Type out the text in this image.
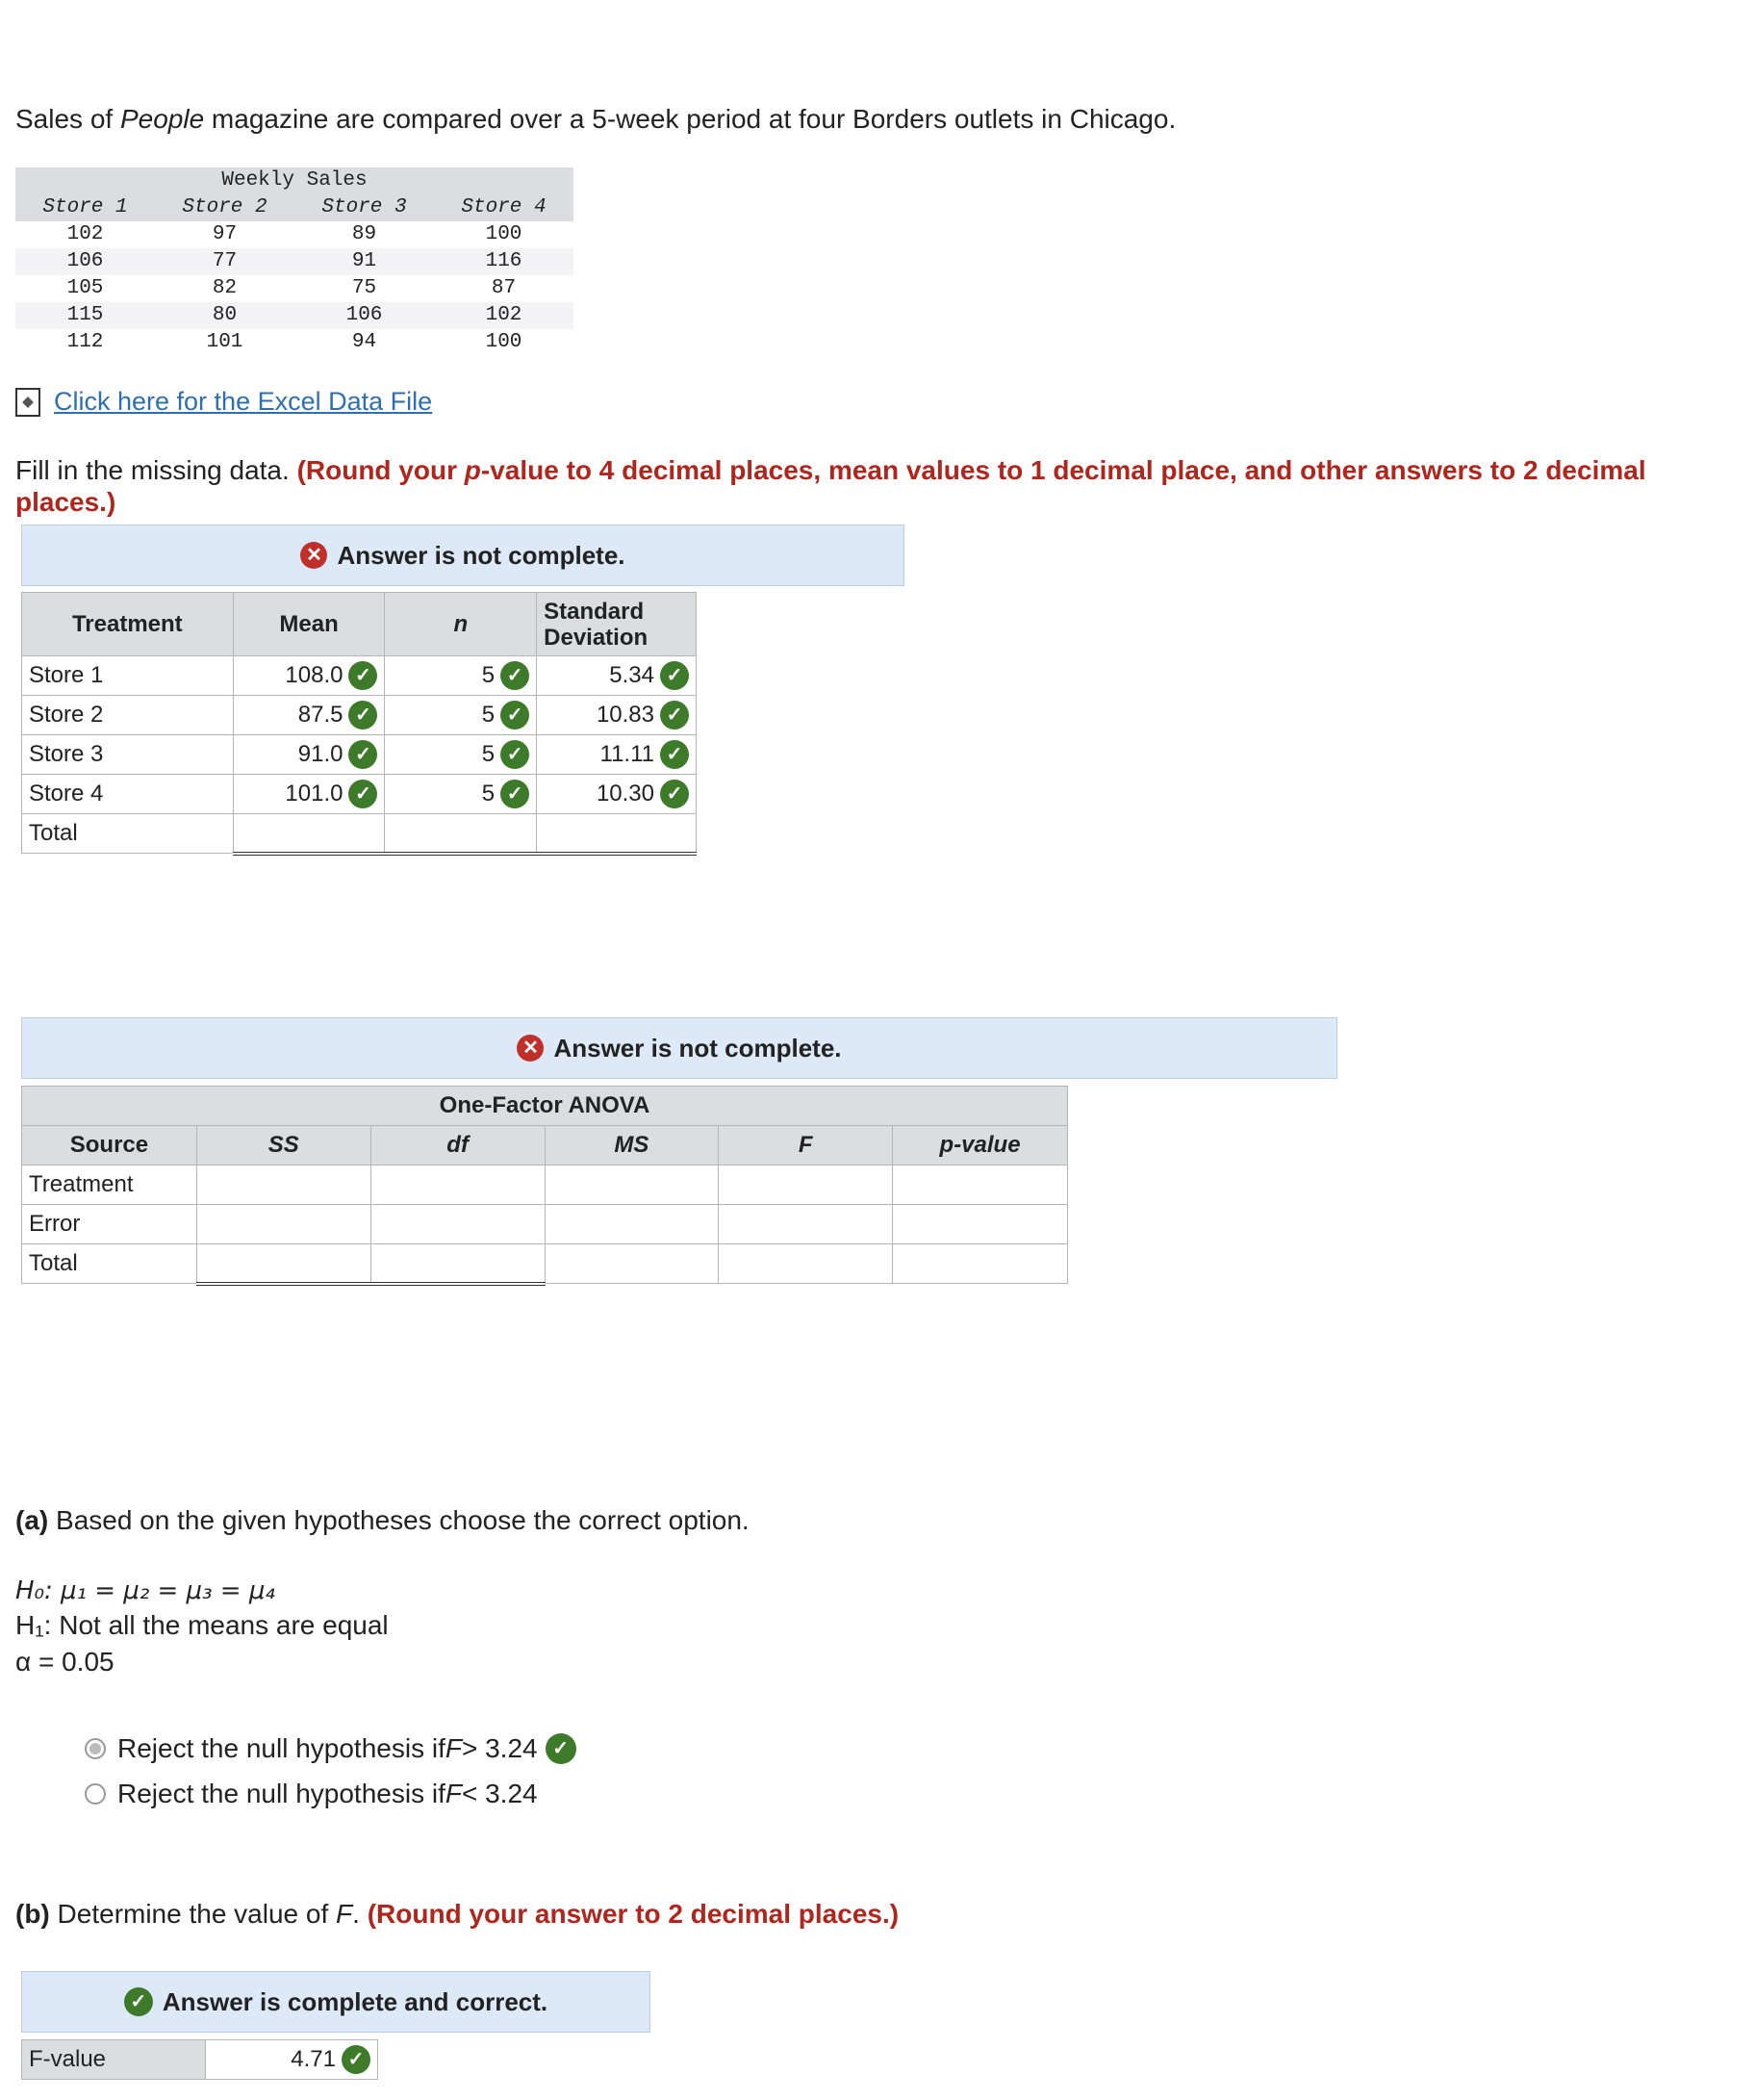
Sales of People magazine are compared over a 5-week period at four Borders outlets in Chicago.
Weekly Sales
Store 1	Store 2	Store 3	Store 4
102	97	89	100
106	77	91	116
105	82	75	87
115	80	106	102
112	101	94	100
Click here for the Excel Data File
Fill in the missing data. (Round your p-value to 4 decimal places, mean values to 1 decimal place, and other answers to 2 decimal places.)
✕ Answer is not complete.
Treatment	Mean	n	Standard
Deviation
Store 1	108.0 ✓	5 ✓	5.34 ✓

Store 2	87.5 ✓	5 ✓	10.83 ✓

Store 3	91.0 ✓	5 ✓	11.11 ✓

Store 4	101.0 ✓	5 ✓	10.30 ✓

Total			
✕ Answer is not complete.
One-Factor ANOVA					
Source	SS	df	MS	F	p-value
Treatment					
Error					
Total					
(a) Based on the given hypotheses choose the correct option.
H₀: μ₁ = μ₂ = μ₃ = μ₄
H₁: Not all the means are equal
α = 0.05
Reject the null hypothesis if F > 3.24 ✓
Reject the null hypothesis if F < 3.24
(b) Determine the value of F. (Round your answer to 2 decimal places.)
✓ Answer is complete and correct.
F-value	4.71 ✓
